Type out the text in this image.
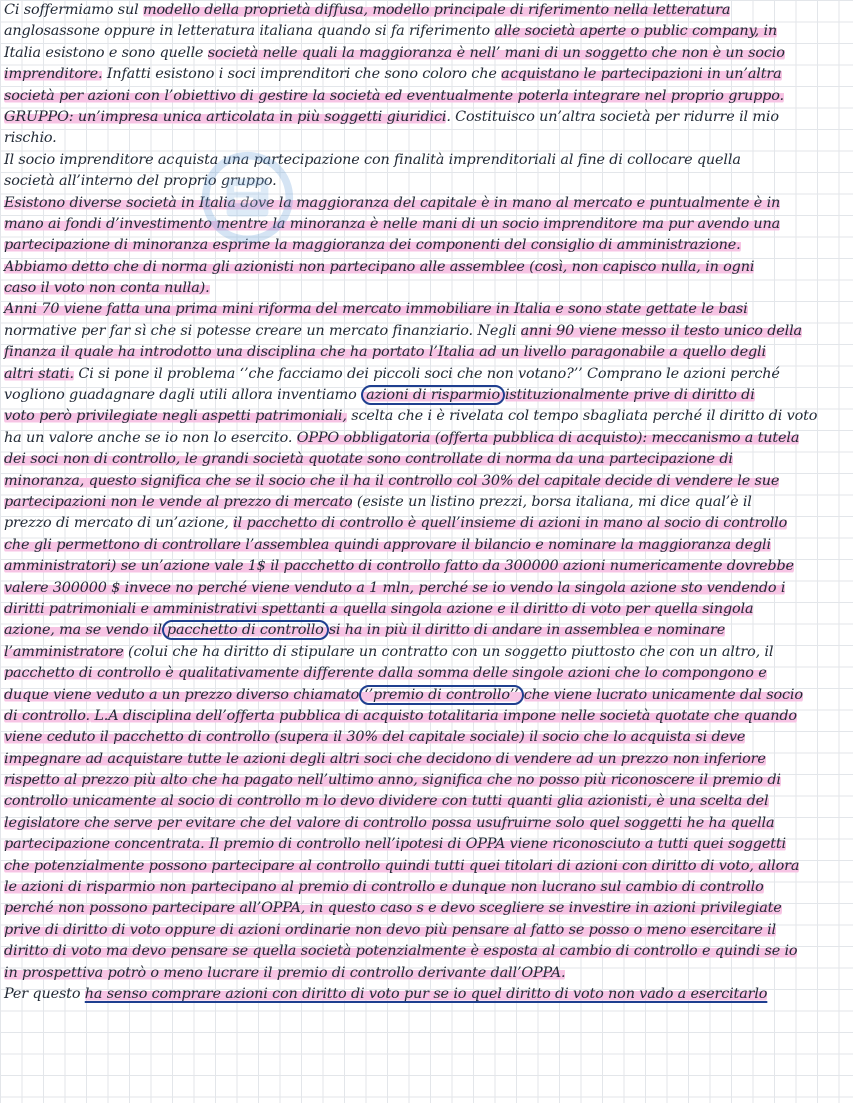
Ci soffermiamo sul modello della proprietà diffusa, modello principale di riferimento nella letteratura
anglosassone oppure in letteratura italiana quando si fa riferimento alle società aperte o public company, in
Italia esistono e sono quelle società nelle quali la maggioranza è nell’ mani di un soggetto che non è un socio
imprenditore. Infatti esistono i soci imprenditori che sono coloro che acquistano le partecipazioni in un’altra
società per azioni con l’obiettivo di gestire la società ed eventualmente poterla integrare nel proprio gruppo.
GRUPPO: un’impresa unica articolata in più soggetti giuridici. Costituisco un’altra società per ridurre il mio
rischio.
Il socio imprenditore acquista una partecipazione con finalità imprenditoriali al fine di collocare quella
società all’interno del proprio gruppo.
Esistono diverse società in Italia dove la maggioranza del capitale è in mano al mercato e puntualmente è in
mano ai fondi d’investimento mentre la minoranza è nelle mani di un socio imprenditore ma pur avendo una
partecipazione di minoranza esprime la maggioranza dei componenti del consiglio di amministrazione.
Abbiamo detto che di norma gli azionisti non partecipano alle assemblee (così, non capisco nulla, in ogni
caso il voto non conta nulla).
Anni 70 viene fatta una prima mini riforma del mercato immobiliare in Italia e sono state gettate le basi
normative per far sì che si potesse creare un mercato finanziario. Negli anni 90 viene messo il testo unico della
finanza il quale ha introdotto una disciplina che ha portato l’Italia ad un livello paragonabile a quello degli
altri stati. Ci si pone il problema ‘’che facciamo dei piccoli soci che non votano?’’ Comprano le azioni perché
vogliono guadagnare dagli utili allora inventiamo azioni di risparmio istituzionalmente prive di diritto di
voto però privilegiate negli aspetti patrimoniali, scelta che i è rivelata col tempo sbagliata perché il diritto di voto
ha un valore anche se io non lo esercito. OPPO obbligatoria (offerta pubblica di acquisto): meccanismo a tutela
dei soci non di controllo, le grandi società quotate sono controllate di norma da una partecipazione di
minoranza, questo significa che se il socio che il ha il controllo col 30% del capitale decide di vendere le sue
partecipazioni non le vende al prezzo di mercato (esiste un listino prezzi, borsa italiana, mi dice qual’è il
prezzo di mercato di un’azione, il pacchetto di controllo è quell’insieme di azioni in mano al socio di controllo
che gli permettono di controllare l’assemblea quindi approvare il bilancio e nominare la maggioranza degli
amministratori) se un’azione vale 1$ il pacchetto di controllo fatto da 300000 azioni numericamente dovrebbe
valere 300000 $ invece no perché viene venduto a 1 mln, perché se io vendo la singola azione sto vendendo i
diritti patrimoniali e amministrativi spettanti a quella singola azione e il diritto di voto per quella singola
azione, ma se vendo il pacchetto di controllo si ha in più il diritto di andare in assemblea e nominare
l’amministratore (colui che ha diritto di stipulare un contratto con un soggetto piuttosto che con un altro, il
pacchetto di controllo è qualitativamente differente dalla somma delle singole azioni che lo compongono e
duque viene veduto a un prezzo diverso chiamato ‘’premio di controllo’’ che viene lucrato unicamente dal socio
di controllo. L.A disciplina dell’offerta pubblica di acquisto totalitaria impone nelle società quotate che quando
viene ceduto il pacchetto di controllo (supera il 30% del capitale sociale) il socio che lo acquista si deve
impegnare ad acquistare tutte le azioni degli altri soci che decidono di vendere ad un prezzo non inferiore
rispetto al prezzo più alto che ha pagato nell’ultimo anno, significa che no posso più riconoscere il premio di
controllo unicamente al socio di controllo m lo devo dividere con tutti quanti glia azionisti, è una scelta del
legislatore che serve per evitare che del valore di controllo possa usufruirne solo quel soggetti he ha quella
partecipazione concentrata. Il premio di controllo nell’ipotesi di OPPA viene riconosciuto a tutti quei soggetti
che potenzialmente possono partecipare al controllo quindi tutti quei titolari di azioni con diritto di voto, allora
le azioni di risparmio non partecipano al premio di controllo e dunque non lucrano sul cambio di controllo
perché non possono partecipare all’OPPA, in questo caso s e devo scegliere se investire in azioni privilegiate
prive di diritto di voto oppure di azioni ordinarie non devo più pensare al fatto se posso o meno esercitare il
diritto di voto ma devo pensare se quella società potenzialmente è esposta al cambio di controllo e quindi se io
in prospettiva potrò o meno lucrare il premio di controllo derivante dall’OPPA.
Per questo ha senso comprare azioni con diritto di voto pur se io quel diritto di voto non vado a esercitarlo
